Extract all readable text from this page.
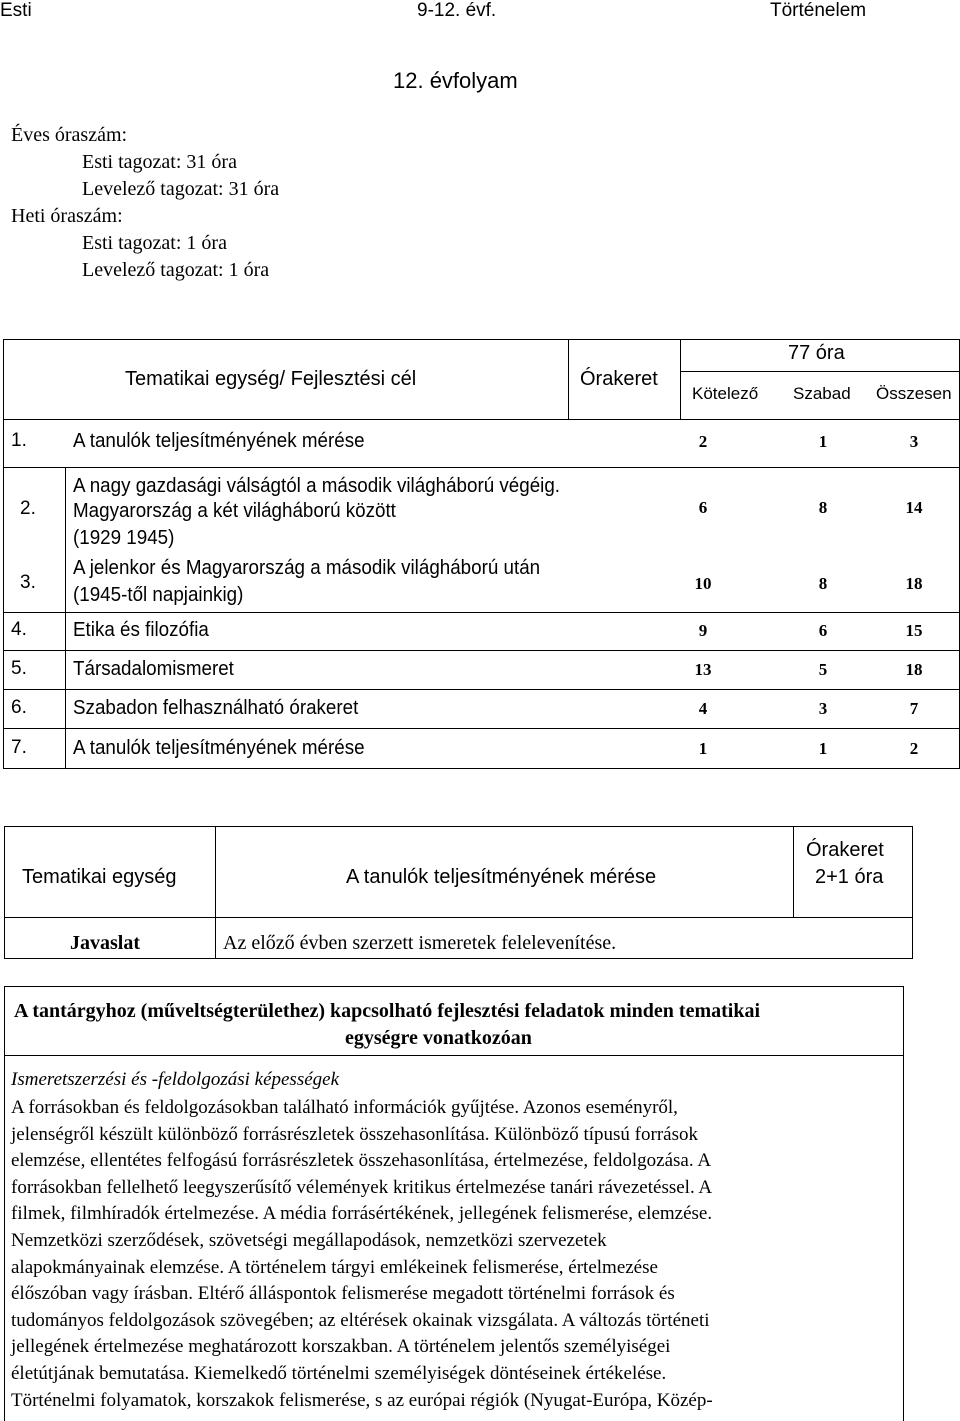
Esti	9-12. évf.	Történelem
12. évfolyam
Éves óraszám:
Esti tagozat: 31 óra
Levelező tagozat: 31 óra
Heti óraszám:
Esti tagozat: 1 óra
Levelező tagozat: 1 óra
Tematikai egység/ Fejlesztési cél	Órakeret
77 óra
Kötelező Szabad Összesen
1. A tanulók teljesítményének mérése	2	1	3
2.
A nagy gazdasági válságtól a második világháború végéig.
Magyarország a két világháború között
(1929 1945)
6	8	14
3.
A jelenkor és Magyarország a második világháború után
(1945-től napjainkig)
10	8	18
4. Etika és filozófia	9	6	15
5. Társadalomismeret	13	5	18
6. Szabadon felhasználható órakeret	4	3	7
7. A tanulók teljesítményének mérése	1	1	2
Tematikai egység	A tanulók teljesítményének mérése
Órakeret
2+1 óra
Javaslat	Az előző évben szerzett ismeretek felelevenítése.
A tantárgyhoz (műveltségterülethez) kapcsolható fejlesztési feladatok minden tematikai
egységre vonatkozóan
Ismeretszerzési és -feldolgozási képességek

A forrásokban és feldolgozásokban található információk gyűjtése. Azonos eseményről,

jelenségről készült különböző forrásrészletek összehasonlítása. Különböző típusú források

elemzése, ellentétes felfogású forrásrészletek összehasonlítása, értelmezése, feldolgozása. A

forrásokban fellelhető leegyszerűsítő vélemények kritikus értelmezése tanári rávezetéssel. A

filmek, filmhíradók értelmezése. A média forrásértékének, jellegének felismerése, elemzése.

Nemzetközi szerződések, szövetségi megállapodások, nemzetközi szervezetek

alapokmányainak elemzése. A történelem tárgyi emlékeinek felismerése, értelmezése

élőszóban vagy írásban. Eltérő álláspontok felismerése megadott történelmi források és

tudományos feldolgozások szövegében; az eltérések okainak vizsgálata. A változás történeti

jellegének értelmezése meghatározott korszakban. A történelem jelentős személyiségei

életútjának bemutatása. Kiemelkedő történelmi személyiségek döntéseinek értékelése.

Történelmi folyamatok, korszakok felismerése, s az európai régiók (Nyugat-Európa, Közép-
